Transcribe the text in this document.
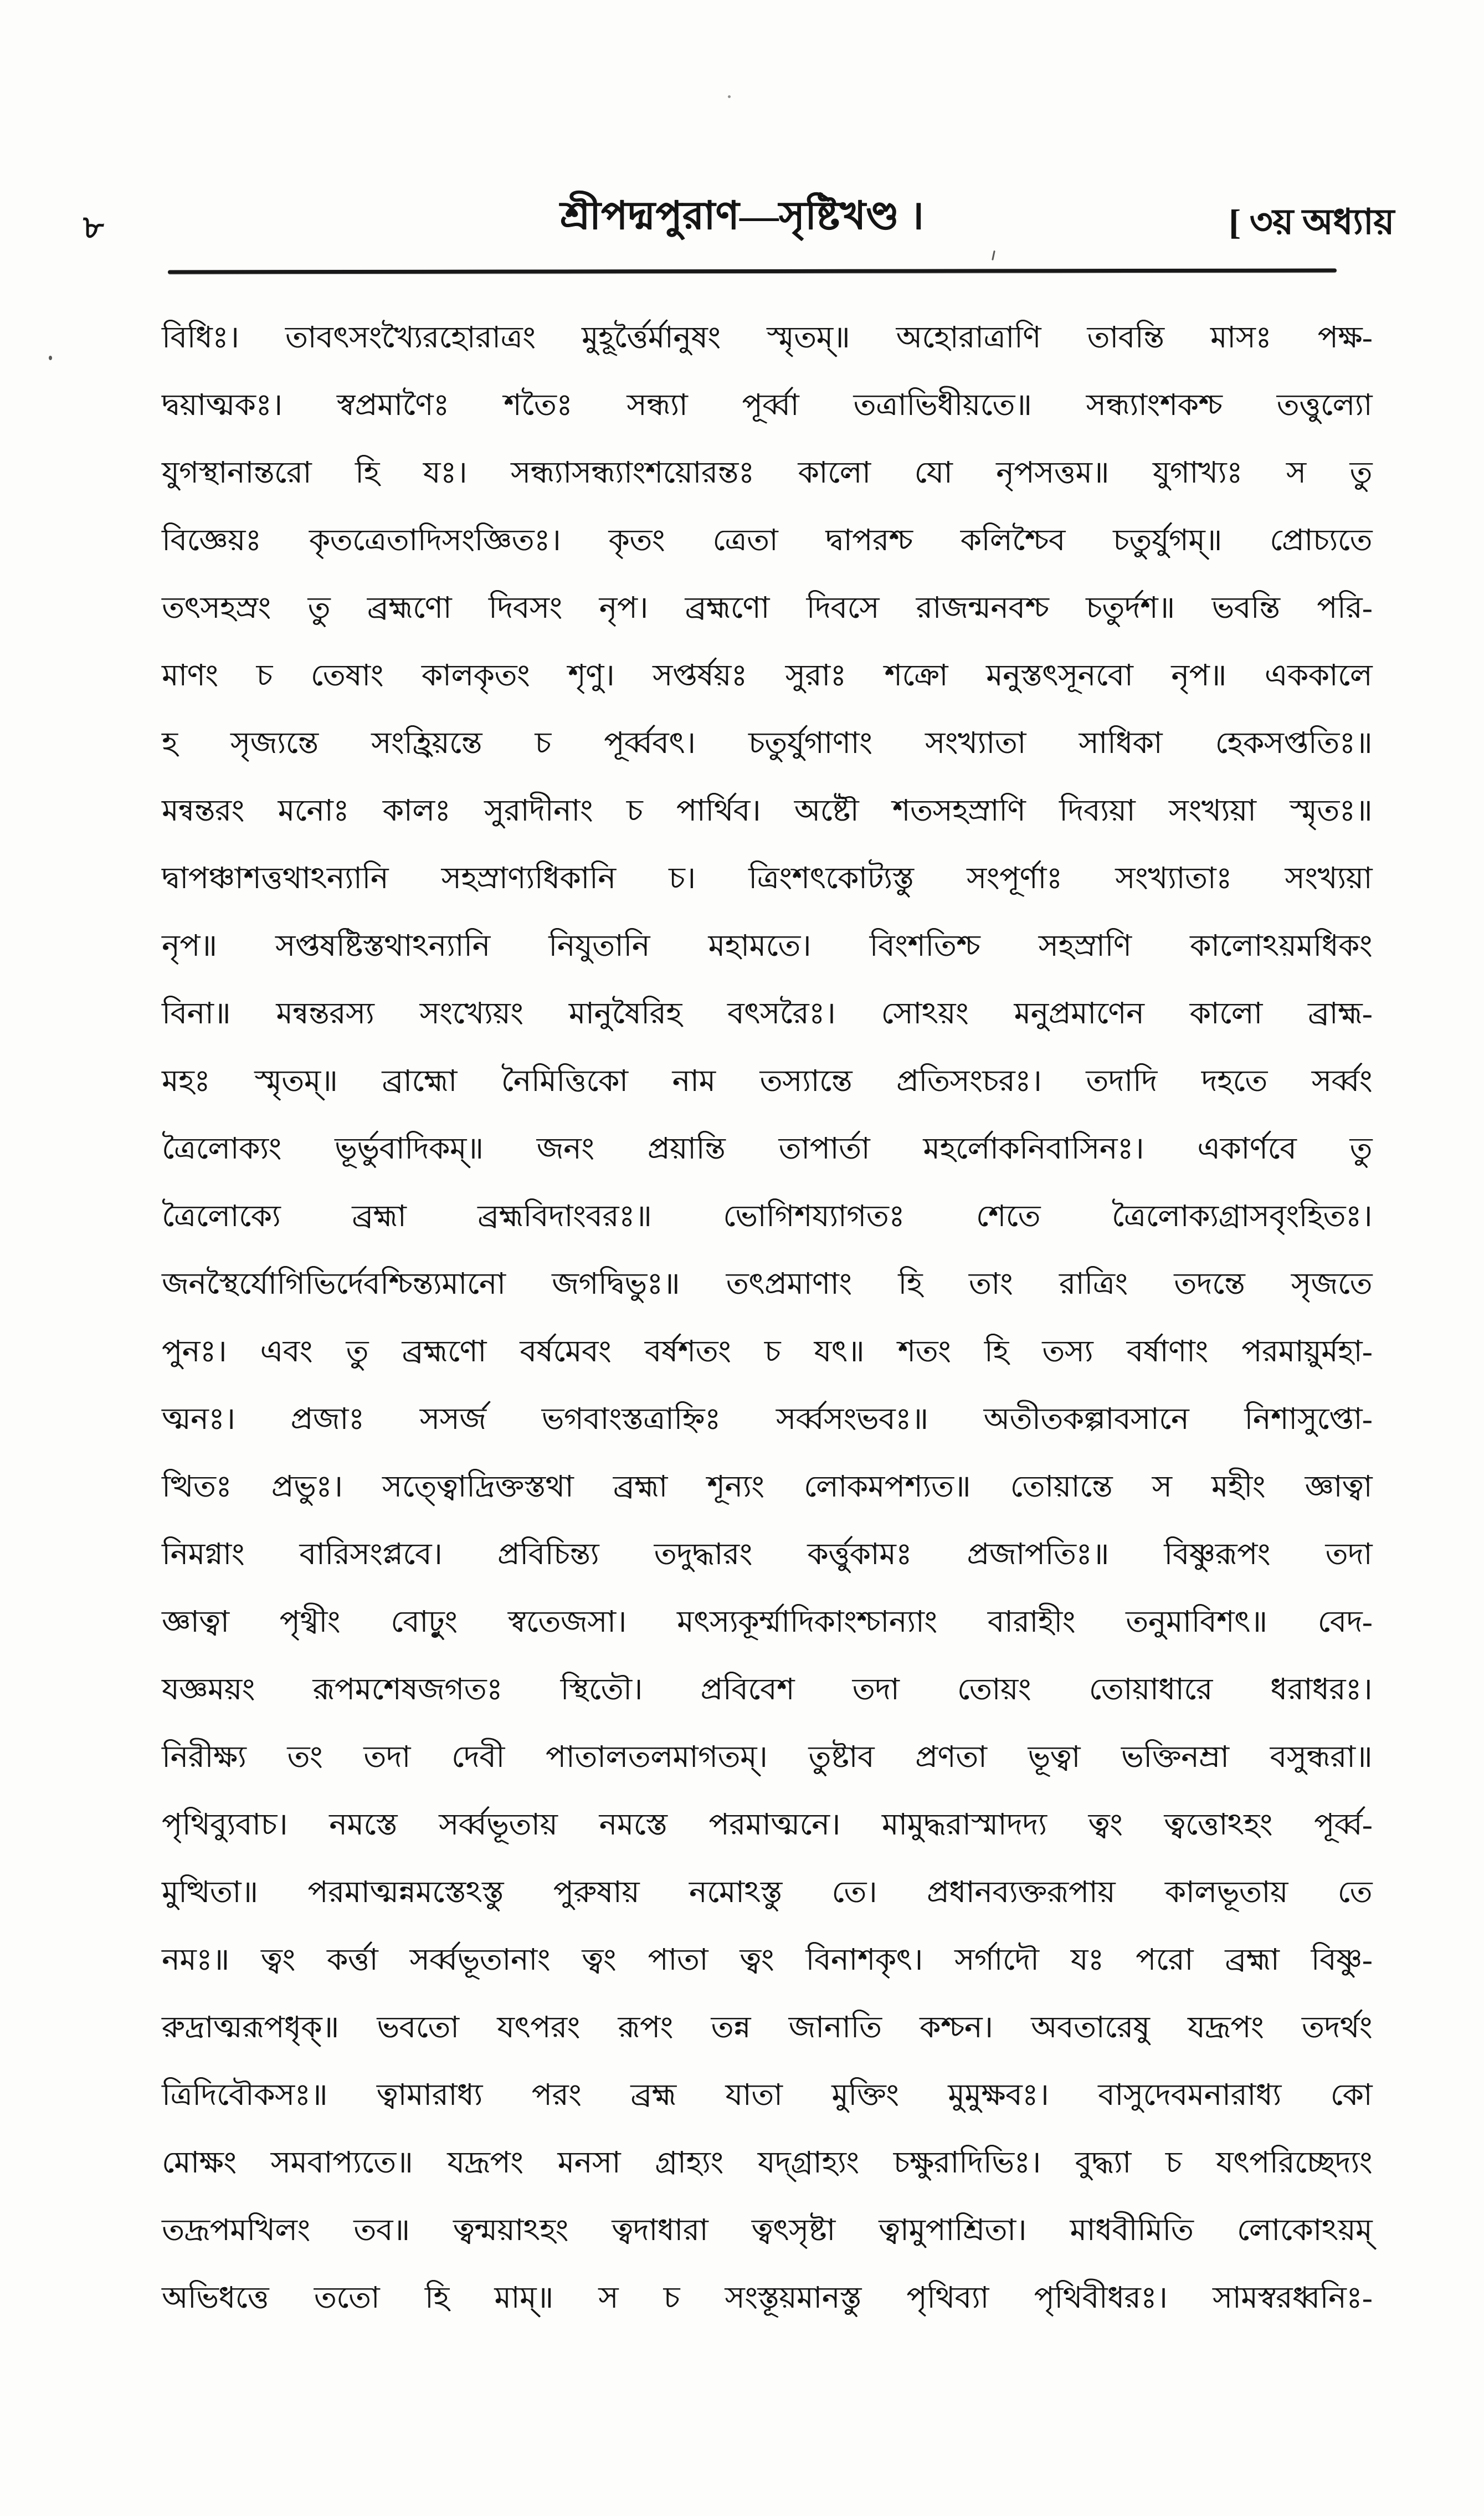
৮	শ্রীপদ্মপুরাণ—সৃষ্টিখণ্ড ।	[ ৩য় অধ্যায়

বিধিঃ। তাবৎসংখ্যৈরহোরাত্রং মুহূর্ত্তৈর্মানুষং স্মৃতম্॥ অহোরাত্রাণি তাবন্তি মাসঃ পক্ষ-

দ্বয়াত্মকঃ। স্বপ্রমাণৈঃ শতৈঃ সন্ধ্যা পূর্ব্বা তত্রাভিধীয়তে॥ সন্ধ্যাংশকশ্চ তত্তুল্যো

যুগস্থানান্তরো হি যঃ। সন্ধ্যাসন্ধ্যাংশয়োরন্তঃ কালো যো নৃপসত্তম॥ যুগাখ্যঃ স তু

বিজ্ঞেয়ঃ কৃতত্রেতাদিসংজ্ঞিতঃ। কৃতং ত্রেতা দ্বাপরশ্চ কলিশ্চৈব চতুর্যুগম্॥ প্রোচ্যতে

তৎসহস্রং তু ব্রহ্মণো দিবসং নৃপ। ব্রহ্মণো দিবসে রাজন্মনবশ্চ চতুর্দশ॥ ভবন্তি পরি-

মাণং চ তেষাং কালকৃতং শৃণু। সপ্তর্ষয়ঃ সুরাঃ শক্রো মনুস্তৎসূনবো নৃপ॥ এককালে

হ সৃজ্যন্তে সংহ্রিয়ন্তে চ পূর্ব্ববৎ। চতুর্যুগাণাং সংখ্যাতা সাধিকা হেকসপ্ততিঃ॥

মন্বন্তরং মনোঃ কালঃ সুরাদীনাং চ পার্থিব। অষ্টৌ শতসহস্রাণি দিব্যয়া সংখ্যয়া স্মৃতঃ॥

দ্বাপঞ্চাশত্তথাঽন্যানি সহস্রাণ্যধিকানি চ। ত্রিংশৎকোট্যস্তু সংপূর্ণাঃ সংখ্যাতাঃ সংখ্যয়া

নৃপ॥ সপ্তষষ্টিস্তথাঽন্যানি নিযুতানি মহামতে। বিংশতিশ্চ সহস্রাণি কালোঽয়মধিকং

বিনা॥ মন্বন্তরস্য সংখ্যেয়ং মানুষৈরিহ বৎসরৈঃ। সোঽয়ং মনুপ্রমাণেন কালো ব্রাহ্ম-

মহঃ স্মৃতম্॥ ব্রাহ্মো নৈমিত্তিকো নাম তস্যান্তে প্রতিসংচরঃ। তদাদি দহতে সর্ব্বং

ত্রৈলোক্যং ভূর্ভুবাদিকম্॥ জনং প্রয়ান্তি তাপার্তা মহর্লোকনিবাসিনঃ। একার্ণবে তু

ত্রৈলোক্যে ব্রহ্মা ব্রহ্মবিদাংবরঃ॥ ভোগিশয্যাগতঃ শেতে ত্রৈলোক্যগ্রাসবৃংহিতঃ।

জনস্থৈর্যোগিভির্দেবশ্চিন্ত্যমানো জগদ্বিভুঃ॥ তৎপ্রমাণাং হি তাং রাত্রিং তদন্তে সৃজতে

পুনঃ। এবং তু ব্রহ্মণো বর্ষমেবং বর্ষশতং চ যৎ॥ শতং হি তস্য বর্ষাণাং পরমায়ুর্মহা-

ত্মনঃ। প্রজাঃ সসর্জ ভগবাংস্তত্রাহ্নিঃ সর্ব্বসংভবঃ॥ অতীতকল্পাবসানে নিশাসুপ্তো-

ত্থিতঃ প্রভুঃ। সত্ত্বোদ্রিক্তস্তথা ব্রহ্মা শূন্যং লোকমপশ্যত॥ তোয়ান্তে স মহীং জ্ঞাত্বা

নিমগ্নাং বারিসংপ্লবে। প্রবিচিন্ত্য তদুদ্ধারং কর্ত্তুকামঃ প্রজাপতিঃ॥ বিষ্ণুরূপং তদা

জ্ঞাত্বা পৃথ্বীং বোঢ়ুং স্বতেজসা। মৎস্যকূর্ম্মাদিকাংশ্চান্যাং বারাহীং তনুমাবিশৎ॥ বেদ-

যজ্ঞময়ং রূপমশেষজগতঃ স্থিতৌ। প্রবিবেশ তদা তোয়ং তোয়াধারে ধরাধরঃ।

নিরীক্ষ্য তং তদা দেবী পাতালতলমাগতম্। তুষ্টাব প্রণতা ভূত্বা ভক্তিনম্রা বসুন্ধরা॥

পৃথিব্যুবাচ। নমস্তে সর্ব্বভূতায় নমস্তে পরমাত্মনে। মামুদ্ধরাস্মাদদ্য ত্বং ত্বত্তোঽহং পূর্ব্ব-

মুত্থিতা॥ পরমাত্মন্নমস্তেঽস্তু পুরুষায় নমোঽস্তু তে। প্রধানব্যক্তরূপায় কালভূতায় তে

নমঃ॥ ত্বং কর্ত্তা সর্ব্বভূতানাং ত্বং পাতা ত্বং বিনাশকৃৎ। সর্গাদৌ যঃ পরো ব্রহ্মা বিষ্ণু-

রুদ্রাত্মরূপধৃক্॥ ভবতো যৎপরং রূপং তন্ন জানাতি কশ্চন। অবতারেষু যদ্রূপং তদর্থং

ত্রিদিবৌকসঃ॥ ত্বামারাধ্য পরং ব্রহ্ম যাতা মুক্তিং মুমুক্ষবঃ। বাসুদেবমনারাধ্য কো

মোক্ষং সমবাপ্যতে॥ যদ্রূপং মনসা গ্রাহ্যং যদ্গ্রাহ্যং চক্ষুরাদিভিঃ। বুদ্ধ্যা চ যৎপরিচ্ছেদ্যং

তদ্রূপমখিলং তব॥ ত্বন্ময়াঽহং ত্বদাধারা ত্বৎসৃষ্টা ত্বামুপাশ্রিতা। মাধবীমিতি লোকোঽয়ম্

অভিধত্তে ততো হি মাম্॥ স চ সংস্তূয়মানস্তু পৃথিব্যা পৃথিবীধরঃ। সামস্বরধ্বনিঃ-
